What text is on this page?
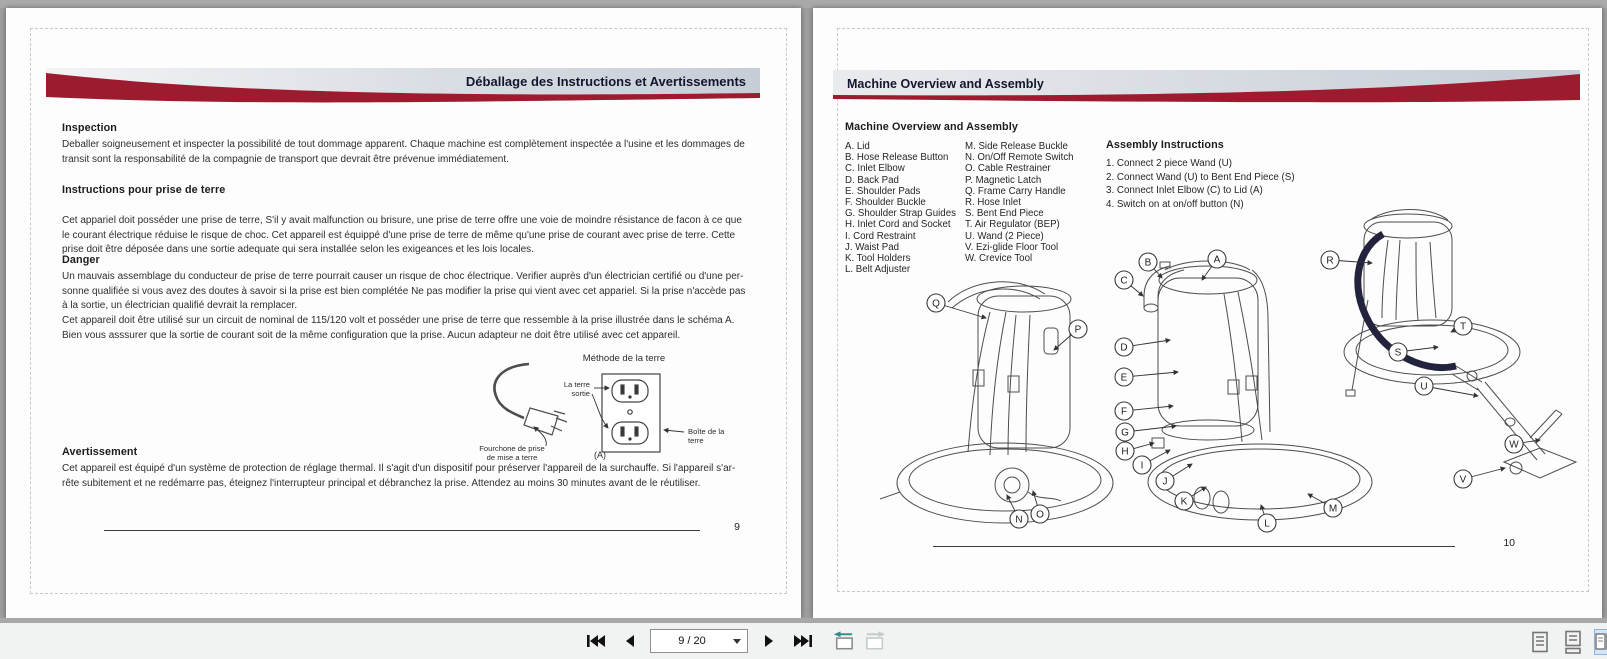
Déballage des Instructions et Avertissements
Inspection
Deballer soigneusement et inspecter la possibilité de tout dommage apparent. Chaque machine est complètement inspectée a l'usine et les dommages de transit sont la responsabilité de la compagnie de transport que devrait être prévenue immédiatement.
Instructions pour prise de terre
Cet appariel doit posséder une prise de terre, S'il y avait malfunction ou brisure, une prise de terre offre une voie de moindre résistance de facon à ce que le courant électrique réduise le risque de choc. Cet appareil est équippé d'une prise de terre de même qu'une prise de courant avec prise de terre. Cette prise doit être déposée dans une sortie adequate qui sera installée selon les exigeances et les lois locales.
Danger
Un mauvais assemblage du conducteur de prise de terre pourrait causer un risque de choc électrique. Verifier auprès d'un électrician certifié ou d'une per-sonne qualifiée si vous avez des doutes à savoir si la prise est bien complétée Ne pas modifier la prise qui vient avec cet appariel. Si la prise n'accède pas à la sortie, un électrician qualifié devrait la remplacer.
Cet appareil doit être utilisé sur un circuit de nominal de 115/120 volt et posséder une prise de terre que ressemble à la prise illustrée dans le schéma A. Bien vous asssurer que la sortie de courant soit de la même configuration que la prise. Aucun adapteur ne doit être utilisé avec cet appareil.
Méthode de la terre
La terre
sortie
Boîte de la
terre
Fourchone de prise
de mise a terre	(A)
Avertissement
Cet appareil est équipé d'un système de protection de réglage thermal. Il s'agit d'un dispositif pour préserver l'appareil de la surchauffe. Si l'appareil s'ar-rête subitement et ne redémarre pas, éteignez l'interrupteur principal et débranchez la prise. Attendez au moins 30 minutes avant de le réutiliser.
9
Machine Overview and Assembly
Machine Overview and Assembly
A. Lid
B. Hose Release Button
C. Inlet Elbow
D. Back Pad
E. Shoulder Pads
F. Shoulder Buckle
G. Shoulder Strap Guides
H. Inlet Cord and Socket
I. Cord Restraint
J. Waist Pad
K. Tool Holders
L. Belt Adjuster
M. Side Release Buckle
N. On/Off Remote Switch
O. Cable Restrainer
P. Magnetic Latch
Q. Frame Carry Handle
R. Hose Inlet
S. Bent End Piece
T. Air Regulator (BEP)
U. Wand (2 Piece)
V. Ezi-glide Floor Tool
W. Crevice Tool
Assembly Instructions
1. Connect 2 piece Wand (U)
2. Connect Wand (U) to Bent End Piece (S)
3. Connect Inlet Elbow (C) to Lid (A)
4. Switch on at on/off button (N)
Q
P
N O
B	A
C
D
E
F
G
H
I
J
K
L
M
R
T
S
U
W
V
10
9 / 20
